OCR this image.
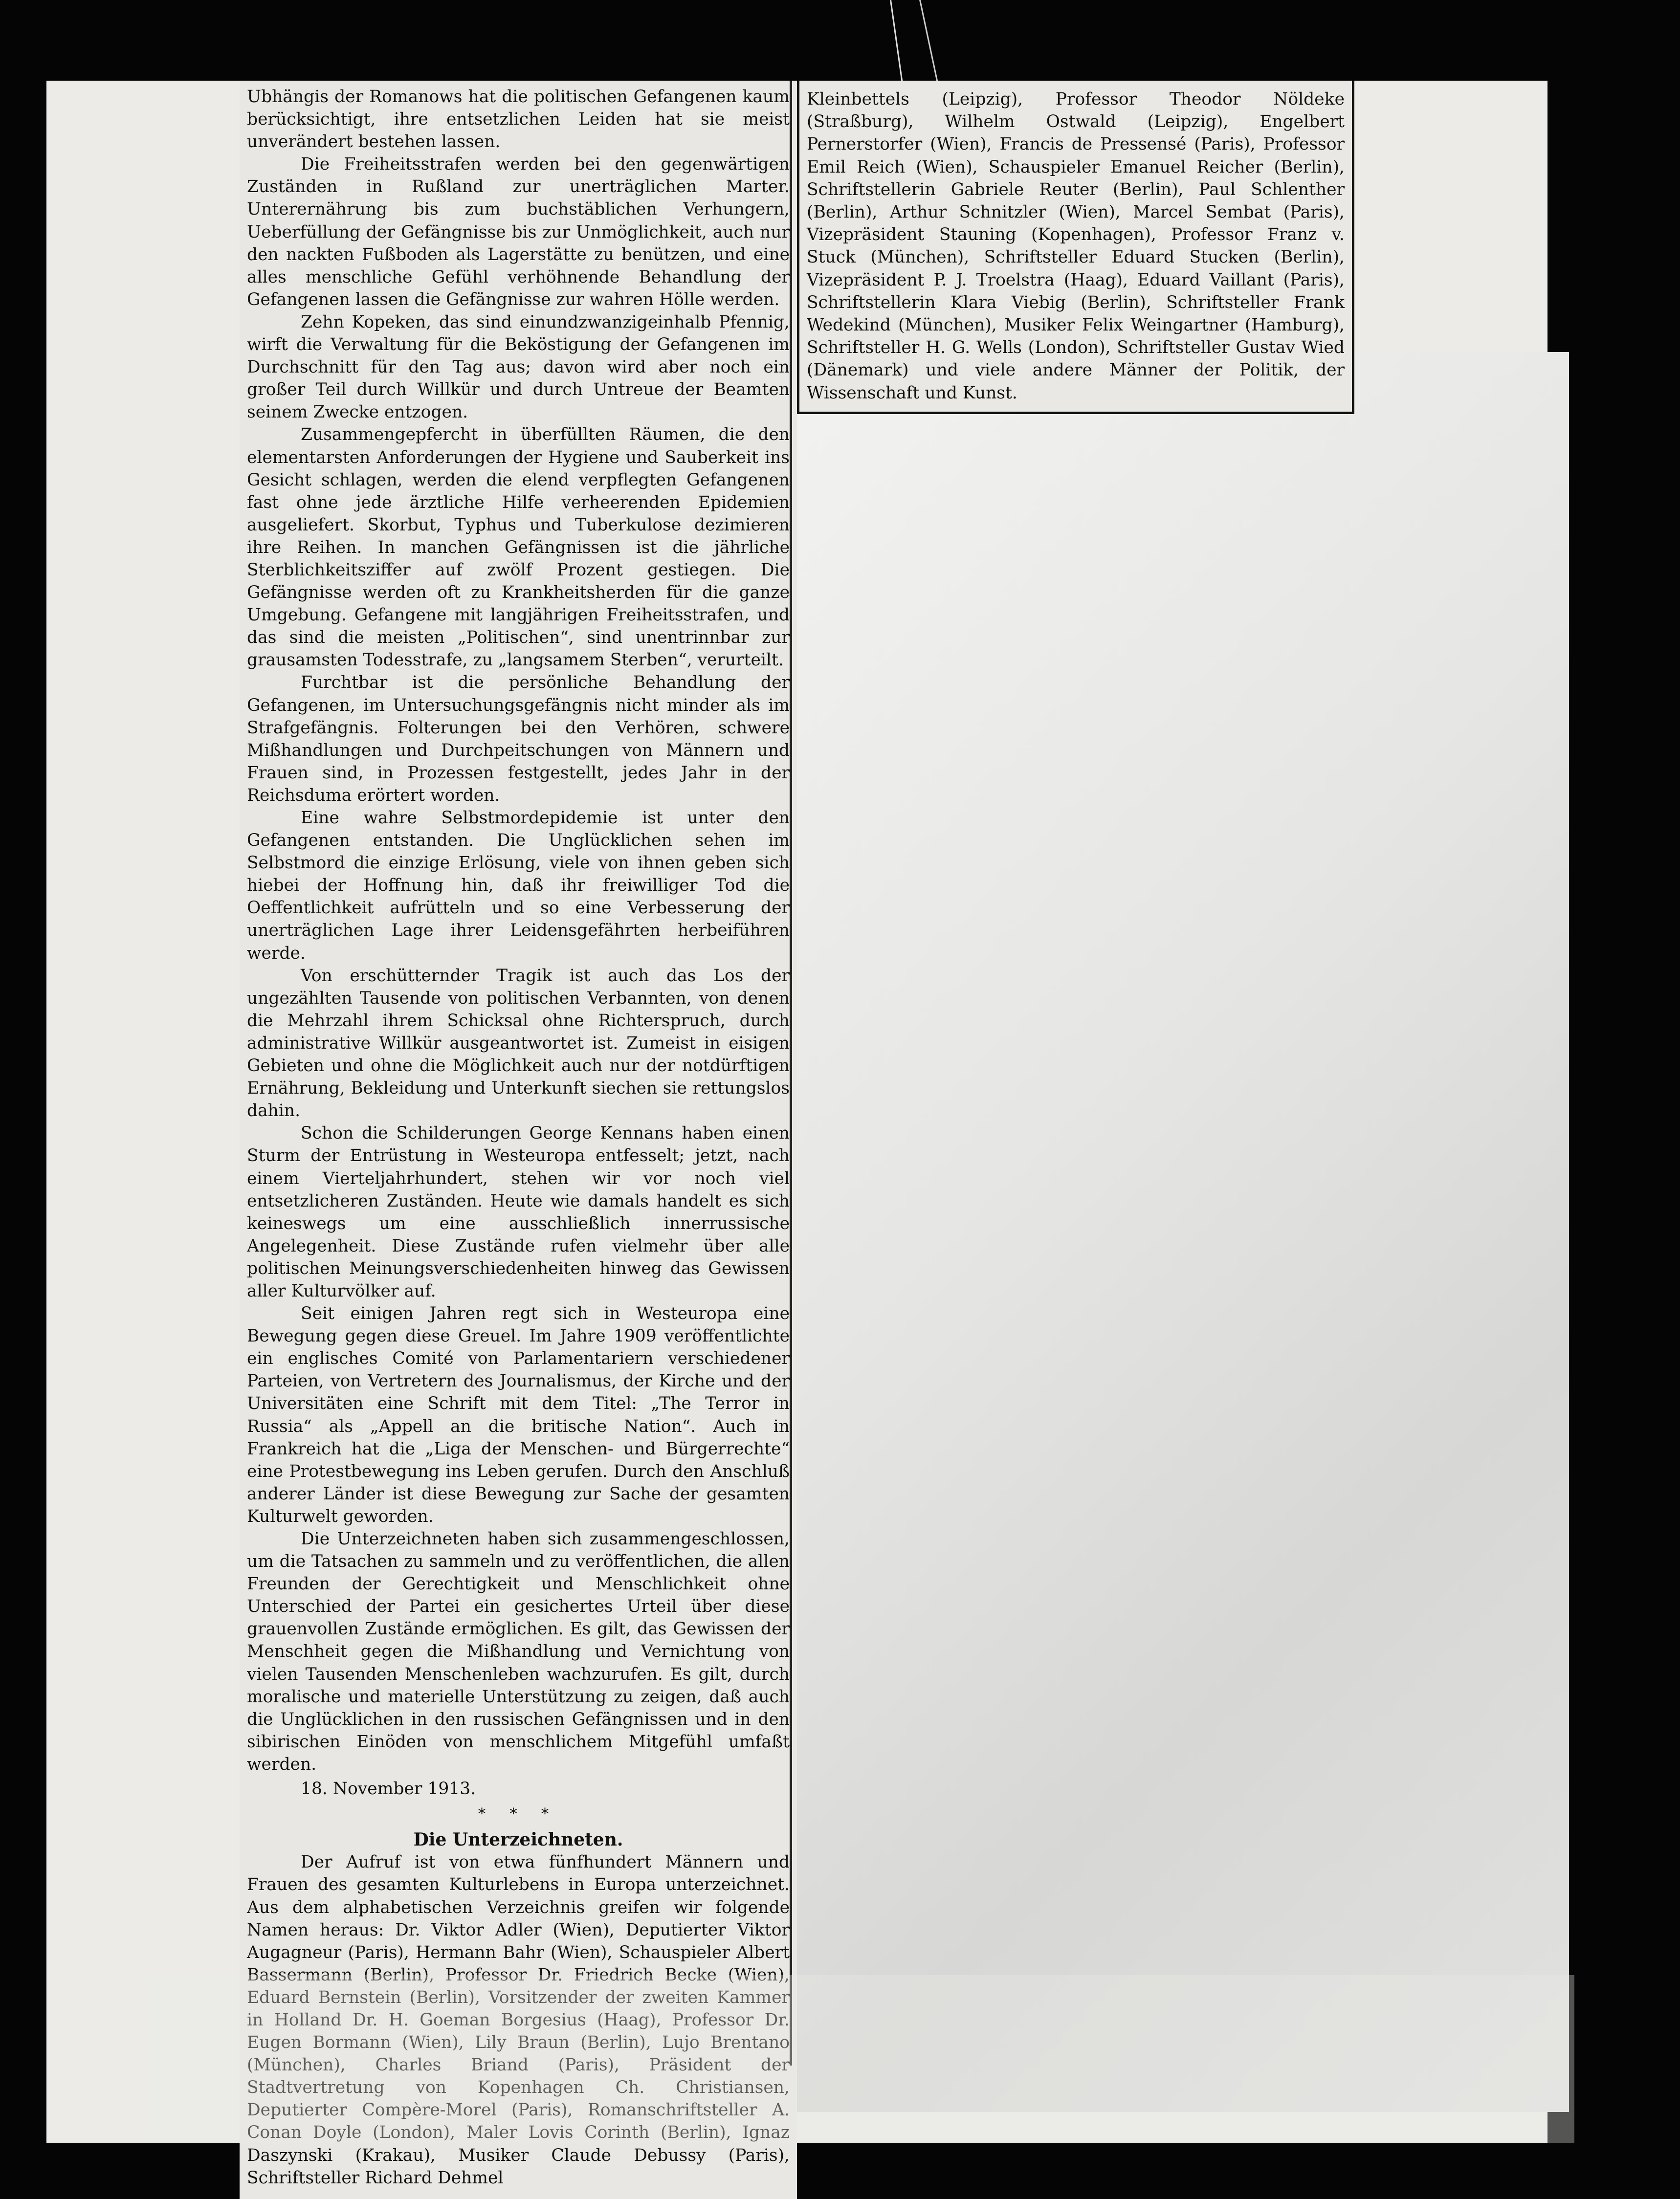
Ubhängis der Romanows hat die politischen Gefangenen kaum berücksichtigt, ihre entsetzlichen Leiden hat sie meist unverändert bestehen lassen.

Die Freiheitsstrafen werden bei den gegenwärtigen Zuständen in Rußland zur unerträglichen Marter. Unterernährung bis zum buchstäblichen Verhungern, Ueberfüllung der Gefängnisse bis zur Unmöglichkeit, auch nur den nackten Fußboden als Lagerstätte zu benützen, und eine alles menschliche Gefühl verhöhnende Behandlung der Gefangenen lassen die Gefängnisse zur wahren Hölle werden.

Zehn Kopeken, das sind einundzwanzigeinhalb Pfennig, wirft die Verwaltung für die Beköstigung der Gefangenen im Durchschnitt für den Tag aus; davon wird aber noch ein großer Teil durch Willkür und durch Untreue der Beamten seinem Zwecke entzogen.

Zusammengepfercht in überfüllten Räumen, die den elementarsten Anforderungen der Hygiene und Sauberkeit ins Gesicht schlagen, werden die elend verpflegten Gefangenen fast ohne jede ärztliche Hilfe verheerenden Epidemien ausgeliefert. Skorbut, Typhus und Tuberkulose dezimieren ihre Reihen. In manchen Gefängnissen ist die jährliche Sterblichkeitsziffer auf zwölf Prozent gestiegen. Die Gefängnisse werden oft zu Krankheitsherden für die ganze Umgebung. Gefangene mit langjährigen Freiheitsstrafen, und das sind die meisten „Politischen“, sind unentrinnbar zur grausamsten Todesstrafe, zu „langsamem Sterben“, verurteilt.

Furchtbar ist die persönliche Behandlung der Gefangenen, im Untersuchungsgefängnis nicht minder als im Strafgefängnis. Folterungen bei den Verhören, schwere Mißhandlungen und Durchpeitschungen von Männern und Frauen sind, in Prozessen festgestellt, jedes Jahr in der Reichsduma erörtert worden.

Eine wahre Selbstmordepidemie ist unter den Gefangenen entstanden. Die Unglücklichen sehen im Selbstmord die einzige Erlösung, viele von ihnen geben sich hiebei der Hoffnung hin, daß ihr freiwilliger Tod die Oeffentlichkeit aufrütteln und so eine Verbesserung der unerträglichen Lage ihrer Leidensgefährten herbeiführen werde.

Von erschütternder Tragik ist auch das Los der ungezählten Tausende von politischen Verbannten, von denen die Mehrzahl ihrem Schicksal ohne Richterspruch, durch administrative Willkür ausgeantwortet ist. Zumeist in eisigen Gebieten und ohne die Möglichkeit auch nur der notdürftigen Ernährung, Bekleidung und Unterkunft siechen sie rettungslos dahin.

Schon die Schilderungen George Kennans haben einen Sturm der Entrüstung in Westeuropa entfesselt; jetzt, nach einem Vierteljahrhundert, stehen wir vor noch viel entsetzlicheren Zuständen. Heute wie damals handelt es sich keineswegs um eine ausschließlich innerrussische Angelegenheit. Diese Zustände rufen vielmehr über alle politischen Meinungsverschiedenheiten hinweg das Gewissen aller Kulturvölker auf.

Seit einigen Jahren regt sich in Westeuropa eine Bewegung gegen diese Greuel. Im Jahre 1909 veröffentlichte ein englisches Comité von Parlamentariern verschiedener Parteien, von Vertretern des Journalismus, der Kirche und der Universitäten eine Schrift mit dem Titel: „The Terror in Russia“ als „Appell an die britische Nation“. Auch in Frankreich hat die „Liga der Menschen- und Bürgerrechte“ eine Protestbewegung ins Leben gerufen. Durch den Anschluß anderer Länder ist diese Bewegung zur Sache der gesamten Kulturwelt geworden.

Die Unterzeichneten haben sich zusammengeschlossen, um die Tatsachen zu sammeln und zu veröffentlichen, die allen Freunden der Gerechtigkeit und Menschlichkeit ohne Unterschied der Partei ein gesichertes Urteil über diese grauenvollen Zustände ermöglichen. Es gilt, das Gewissen der Menschheit gegen die Mißhandlung und Vernichtung von vielen Tausenden Menschenleben wachzurufen. Es gilt, durch moralische und materielle Unterstützung zu zeigen, daß auch die Unglücklichen in den russischen Gefängnissen und in den sibirischen Einöden von menschlichem Mitgefühl umfaßt werden.

18. November 1913.

* * *

Die Unterzeichneten.

Der Aufruf ist von etwa fünfhundert Männern und Frauen des gesamten Kulturlebens in Europa unterzeichnet. Aus dem alphabetischen Verzeichnis greifen wir folgende Namen heraus: Dr. Viktor Adler (Wien), Deputierter Viktor Augagneur (Paris), Hermann Bahr (Wien), Schauspieler Albert Bassermann (Berlin), Professor Dr. Friedrich Becke (Wien), Eduard Bernstein (Berlin), Vorsitzender der zweiten Kammer in Holland Dr. H. Goeman Borgesius (Haag), Professor Dr. Eugen Bormann (Wien), Lily Braun (Berlin), Lujo Brentano (München), Charles Briand (Paris), Präsident der Stadtvertretung von Kopenhagen Ch. Christiansen, Deputierter Compère-Morel (Paris), Romanschriftsteller A. Conan Doyle (London), Maler Lovis Corinth (Berlin), Ignaz Daszynski (Krakau), Musiker Claude Debussy (Paris), Schriftsteller Richard Dehmel

Kleinbettels (Leipzig), Professor Theodor Nöldeke (Straßburg), Wilhelm Ostwald (Leipzig), Engelbert Pernerstorfer (Wien), Francis de Pressensé (Paris), Professor Emil Reich (Wien), Schauspieler Emanuel Reicher (Berlin), Schriftstellerin Gabriele Reuter (Berlin), Paul Schlenther (Berlin), Arthur Schnitzler (Wien), Marcel Sembat (Paris), Vizepräsident Stauning (Kopenhagen), Professor Franz v. Stuck (München), Schriftsteller Eduard Stucken (Berlin), Vizepräsident P. J. Troelstra (Haag), Eduard Vaillant (Paris), Schriftstellerin Klara Viebig (Berlin), Schriftsteller Frank Wedekind (München), Musiker Felix Weingartner (Hamburg), Schriftsteller H. G. Wells (London), Schriftsteller Gustav Wied (Dänemark) und viele andere Männer der Politik, der Wissenschaft und Kunst.
